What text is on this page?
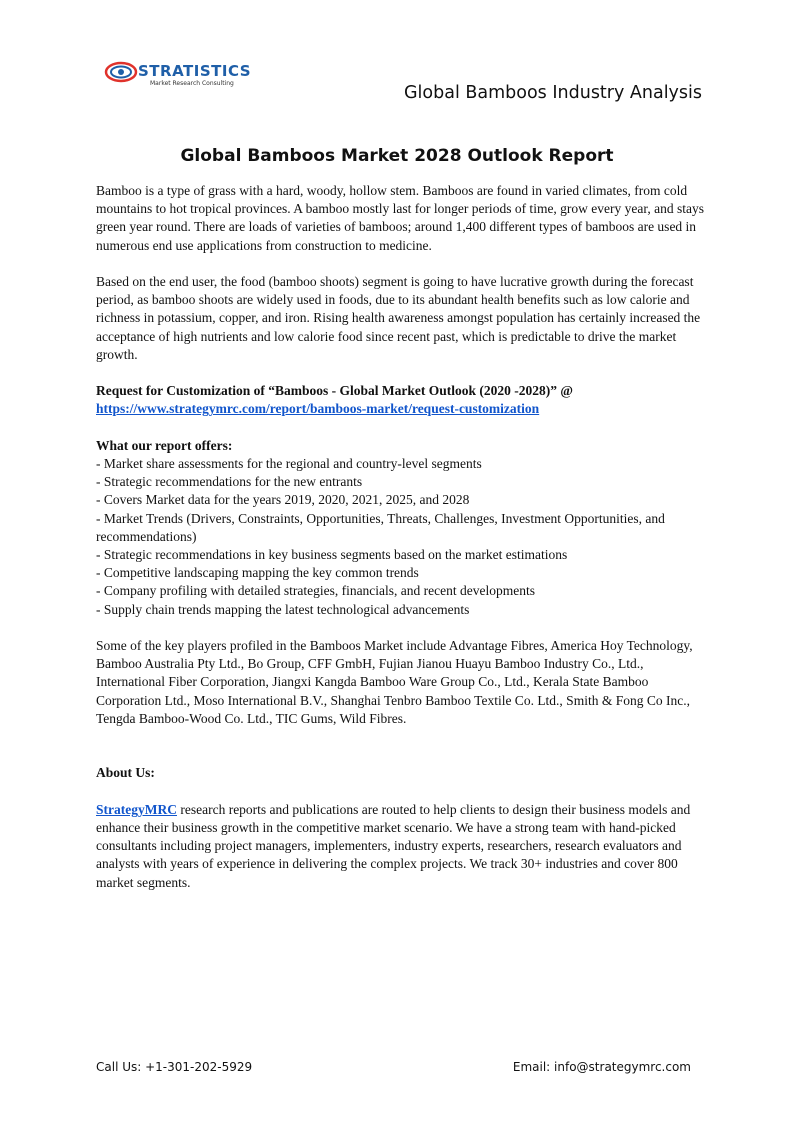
STRATISTICS
Market Research Consulting	Global Bamboos Industry Analysis
Global Bamboos Market 2028 Outlook Report

Bamboo is a type of grass with a hard, woody, hollow stem. Bamboos are found in varied climates, from cold mountains to hot tropical provinces. A bamboo mostly last for longer periods of time, grow every year, and stays green year round. There are loads of varieties of bamboos; around 1,400 different types of bamboos are used in numerous end use applications from construction to medicine.

Based on the end user, the food (bamboo shoots) segment is going to have lucrative growth during the forecast period, as bamboo shoots are widely used in foods, due to its abundant health benefits such as low calorie and richness in potassium, copper, and iron. Rising health awareness amongst population has certainly increased the acceptance of high nutrients and low calorie food since recent past, which is predictable to drive the market growth.

Request for Customization of “Bamboos - Global Market Outlook (2020 -2028)” @

https://www.strategymrc.com/report/bamboos-market/request-customization

What our report offers:

- Market share assessments for the regional and country-level segments
- Strategic recommendations for the new entrants
- Covers Market data for the years 2019, 2020, 2021, 2025, and 2028
- Market Trends (Drivers, Constraints, Opportunities, Threats, Challenges, Investment Opportunities, and recommendations)
- Strategic recommendations in key business segments based on the market estimations
- Competitive landscaping mapping the key common trends
- Company profiling with detailed strategies, financials, and recent developments
- Supply chain trends mapping the latest technological advancements

Some of the key players profiled in the Bamboos Market include Advantage Fibres, America Hoy Technology, Bamboo Australia Pty Ltd., Bo Group, CFF GmbH, Fujian Jianou Huayu Bamboo Industry Co., Ltd., International Fiber Corporation, Jiangxi Kangda Bamboo Ware Group Co., Ltd., Kerala State Bamboo Corporation Ltd., Moso International B.V., Shanghai Tenbro Bamboo Textile Co. Ltd., Smith & Fong Co Inc., Tengda Bamboo-Wood Co. Ltd., TIC Gums, Wild Fibres.

About Us:

StrategyMRC research reports and publications are routed to help clients to design their business models and enhance their business growth in the competitive market scenario. We have a strong team with hand-picked consultants including project managers, implementers, industry experts, researchers, research evaluators and analysts with years of experience in delivering the complex projects. We track 30+ industries and cover 800 market segments.

Call Us: +1-301-202-5929	Email: info@strategymrc.com
